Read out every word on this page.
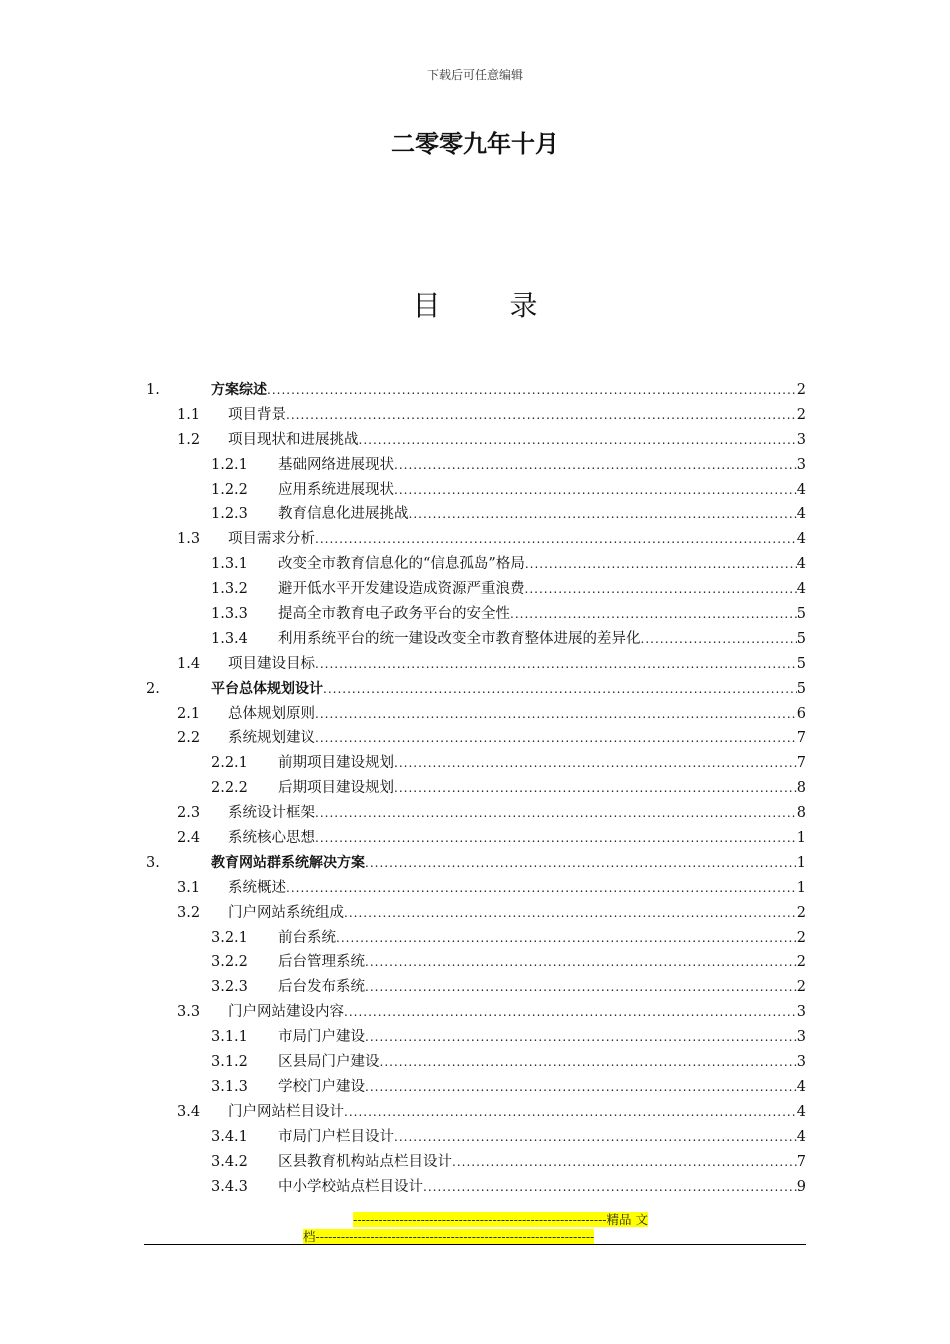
下载后可任意编辑
二零零九年十月
目 录
1.	方案综述 .....	2
1.1 项目背景 .....	2
1.2 项目现状和进展挑战 .....	3
1.2.1 基础网络进展现状 .....	3
1.2.2 应用系统进展现状 .....	4
1.2.3 教育信息化进展挑战 .....	4
1.3 项目需求分析 .....	4
1.3.1 改变全市教育信息化的“信息孤岛”格局 .....	4
1.3.2 避开低水平开发建设造成资源严重浪费 .....	4
1.3.3 提高全市教育电子政务平台的安全性 .....	5
1.3.4 利用系统平台的统一建设改变全市教育整体进展的差异化 .....	5
1.4 项目建设目标 .....	5
2.	平台总体规划设计 .....	5
2.1 总体规划原则 .....	6
2.2 系统规划建议 .....	7
2.2.1 前期项目建设规划 .....	7
2.2.2 后期项目建设规划 .....	8
2.3 系统设计框架 .....	8
2.4 系统核心思想 .....	1
3.	教育网站群系统解决方案 .....	1
3.1 系统概述 .....	1
3.2 门户网站系统组成 .....	2
3.2.1 前台系统 .....	2
3.2.2 后台管理系统 .....	2
3.2.3 后台发布系统 .....	2
3.3 门户网站建设内容 .....	3
3.1.1 市局门户建设 .....	3
3.1.2 区县局门户建设 .....	3
3.1.3 学校门户建设 .....	4
3.4 门户网站栏目设计 .....	4
3.4.1 市局门户栏目设计 .....	4
3.4.2 区县教育机构站点栏目设计 .....	7
3.4.3 中小学校站点栏目设计 .....	9
------------------------------------------------------------精品 文
档------------------------------------------------------------------
